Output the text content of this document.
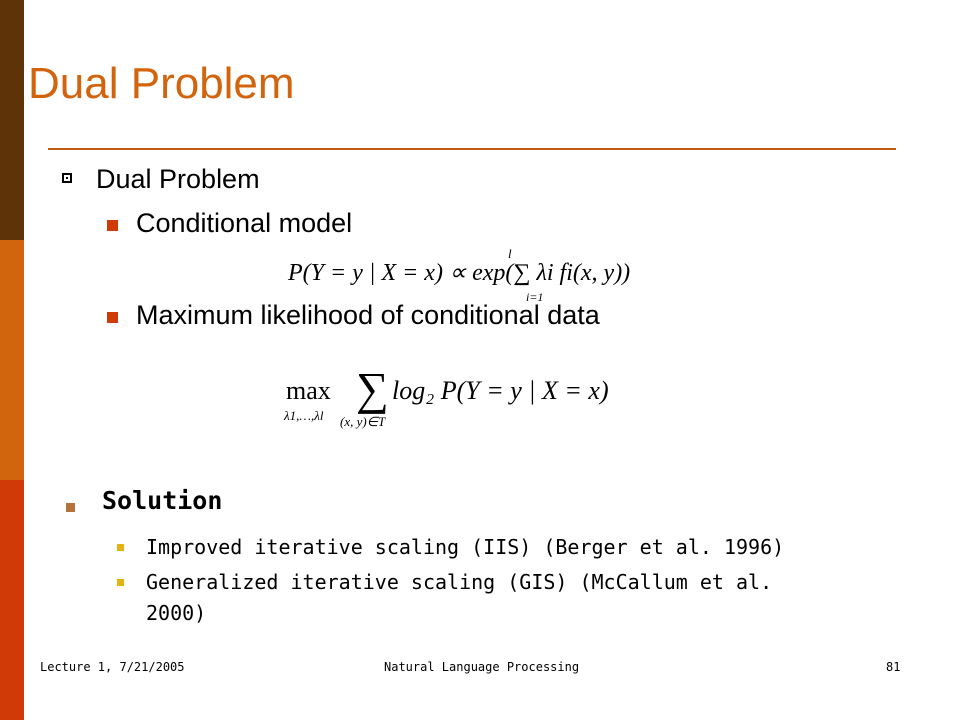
Dual Problem
Dual Problem
Conditional model
P(Y = y | X = x) ∝ exp(∑ λi fi(x, y))
l
i=1
Maximum likelihood of conditional data
max
λ1,…,λl
∑
(x, y)∈T
log₂ P(Y = y | X = x)
Solution
Improved iterative scaling (IIS) (Berger et al. 1996)
Generalized iterative scaling (GIS) (McCallum et al.
2000)
Lecture 1, 7/21/2005	Natural Language Processing	81
